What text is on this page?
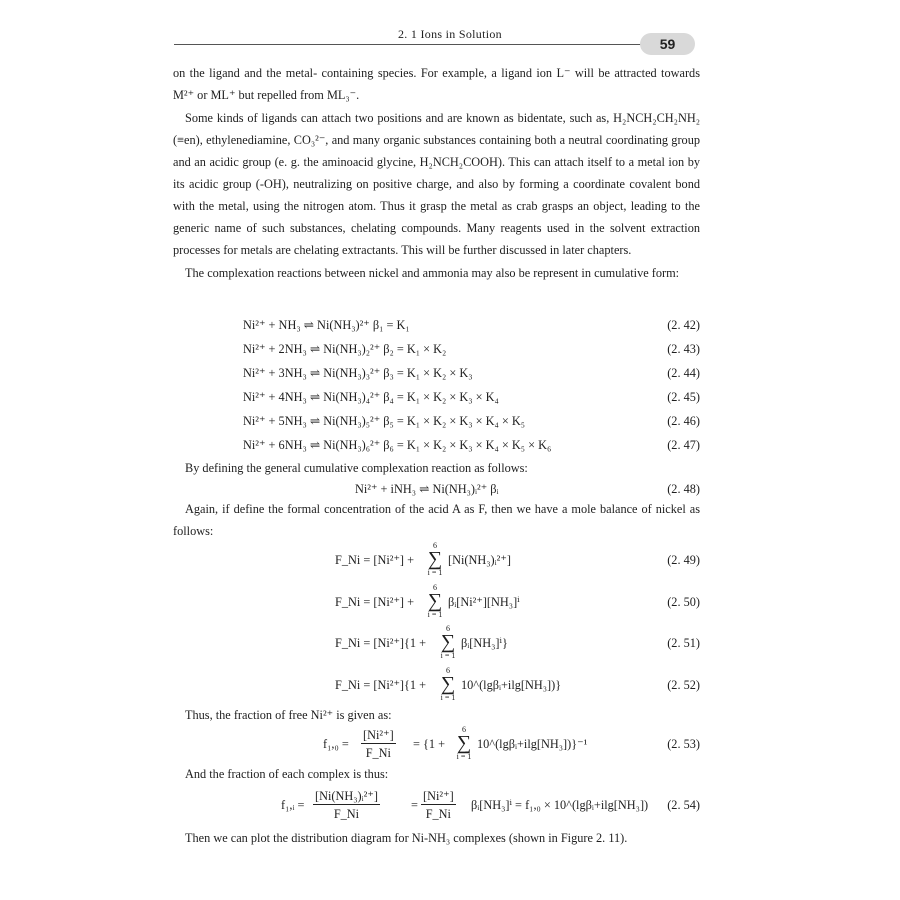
2. 1 Ions in Solution
59

on the ligand and the metal- containing species. For example, a ligand ion L⁻ will be attracted towards M²⁺ or ML⁺ but repelled from ML₃⁻.

Some kinds of ligands can attach two positions and are known as bidentate, such as, H₂NCH₂CH₂NH₂ (≡en), ethylenediamine, CO₃²⁻, and many organic substances containing both a neutral coordinating group and an acidic group (e. g. the aminoacid glycine, H₂NCH₂COOH). This can attach itself to a metal ion by its acidic group (-OH), neutralizing on positive charge, and also by forming a coordinate covalent bond with the metal, using the nitrogen atom. Thus it grasp the metal as crab grasps an object, leading to the generic name of such substances, chelating compounds. Many reagents used in the solvent extraction processes for metals are chelating extractants. This will be further discussed in later chapters.

The complexation reactions between nickel and ammonia may also be represent in cumulative form:

Ni²⁺ + NH₃ ⇌ Ni(NH₃)²⁺ β₁ = K₁	(2. 42)
Ni²⁺ + 2NH₃ ⇌ Ni(NH₃)₂²⁺ β₂ = K₁ × K₂	(2. 43)
Ni²⁺ + 3NH₃ ⇌ Ni(NH₃)₃²⁺ β₃ = K₁ × K₂ × K₃	(2. 44)
Ni²⁺ + 4NH₃ ⇌ Ni(NH₃)₄²⁺ β₄ = K₁ × K₂ × K₃ × K₄	(2. 45)
Ni²⁺ + 5NH₃ ⇌ Ni(NH₃)₅²⁺ β₅ = K₁ × K₂ × K₃ × K₄ × K₅	(2. 46)
Ni²⁺ + 6NH₃ ⇌ Ni(NH₃)₆²⁺ β₆ = K₁ × K₂ × K₃ × K₄ × K₅ × K₆	(2. 47)

By defining the general cumulative complexation reaction as follows:

Ni²⁺ + iNH₃ ⇌ Ni(NH₃)ᵢ²⁺ βᵢ	(2. 48)

Again, if define the formal concentration of the acid A as F, then we have a mole balance of nickel as follows:

F_Ni = [Ni²⁺] +
6
∑
i = 1
[Ni(NH₃)ᵢ²⁺]	(2. 49)
F_Ni = [Ni²⁺] +
6
∑
i = 1
βᵢ[Ni²⁺][NH₃]ⁱ	(2. 50)
F_Ni = [Ni²⁺]{1 +
6
∑
i = 1
βᵢ[NH₃]ⁱ}	(2. 51)
F_Ni = [Ni²⁺]{1 +
6
∑
i = 1
10^(lgβᵢ+ilg[NH₃])}	(2. 52)

Thus, the fraction of free Ni²⁺ is given as:

$f_1,_0 = \frac{\text{[Ni²⁺]}}{F\_Ni} = \{1$ +
6
∑
i = 1
10^(lgβᵢ+ilg[NH₃])}⁻¹	(2. 53)

And the fraction of each complex is thus:

f₁,ᵢ = $\frac{\text{[Ni(NH₃)ᵢ²⁺]}}{F\_Ni}$	= $\frac{\text{[Ni²⁺]}}{F\_Ni}$ βᵢ[NH₃]ⁱ = f₁,₀ × 10^(lgβᵢ+ilg[NH₃]) (2. 54)

Then we can plot the distribution diagram for Ni-NH₃ complexes (shown in Figure 2. 11).
